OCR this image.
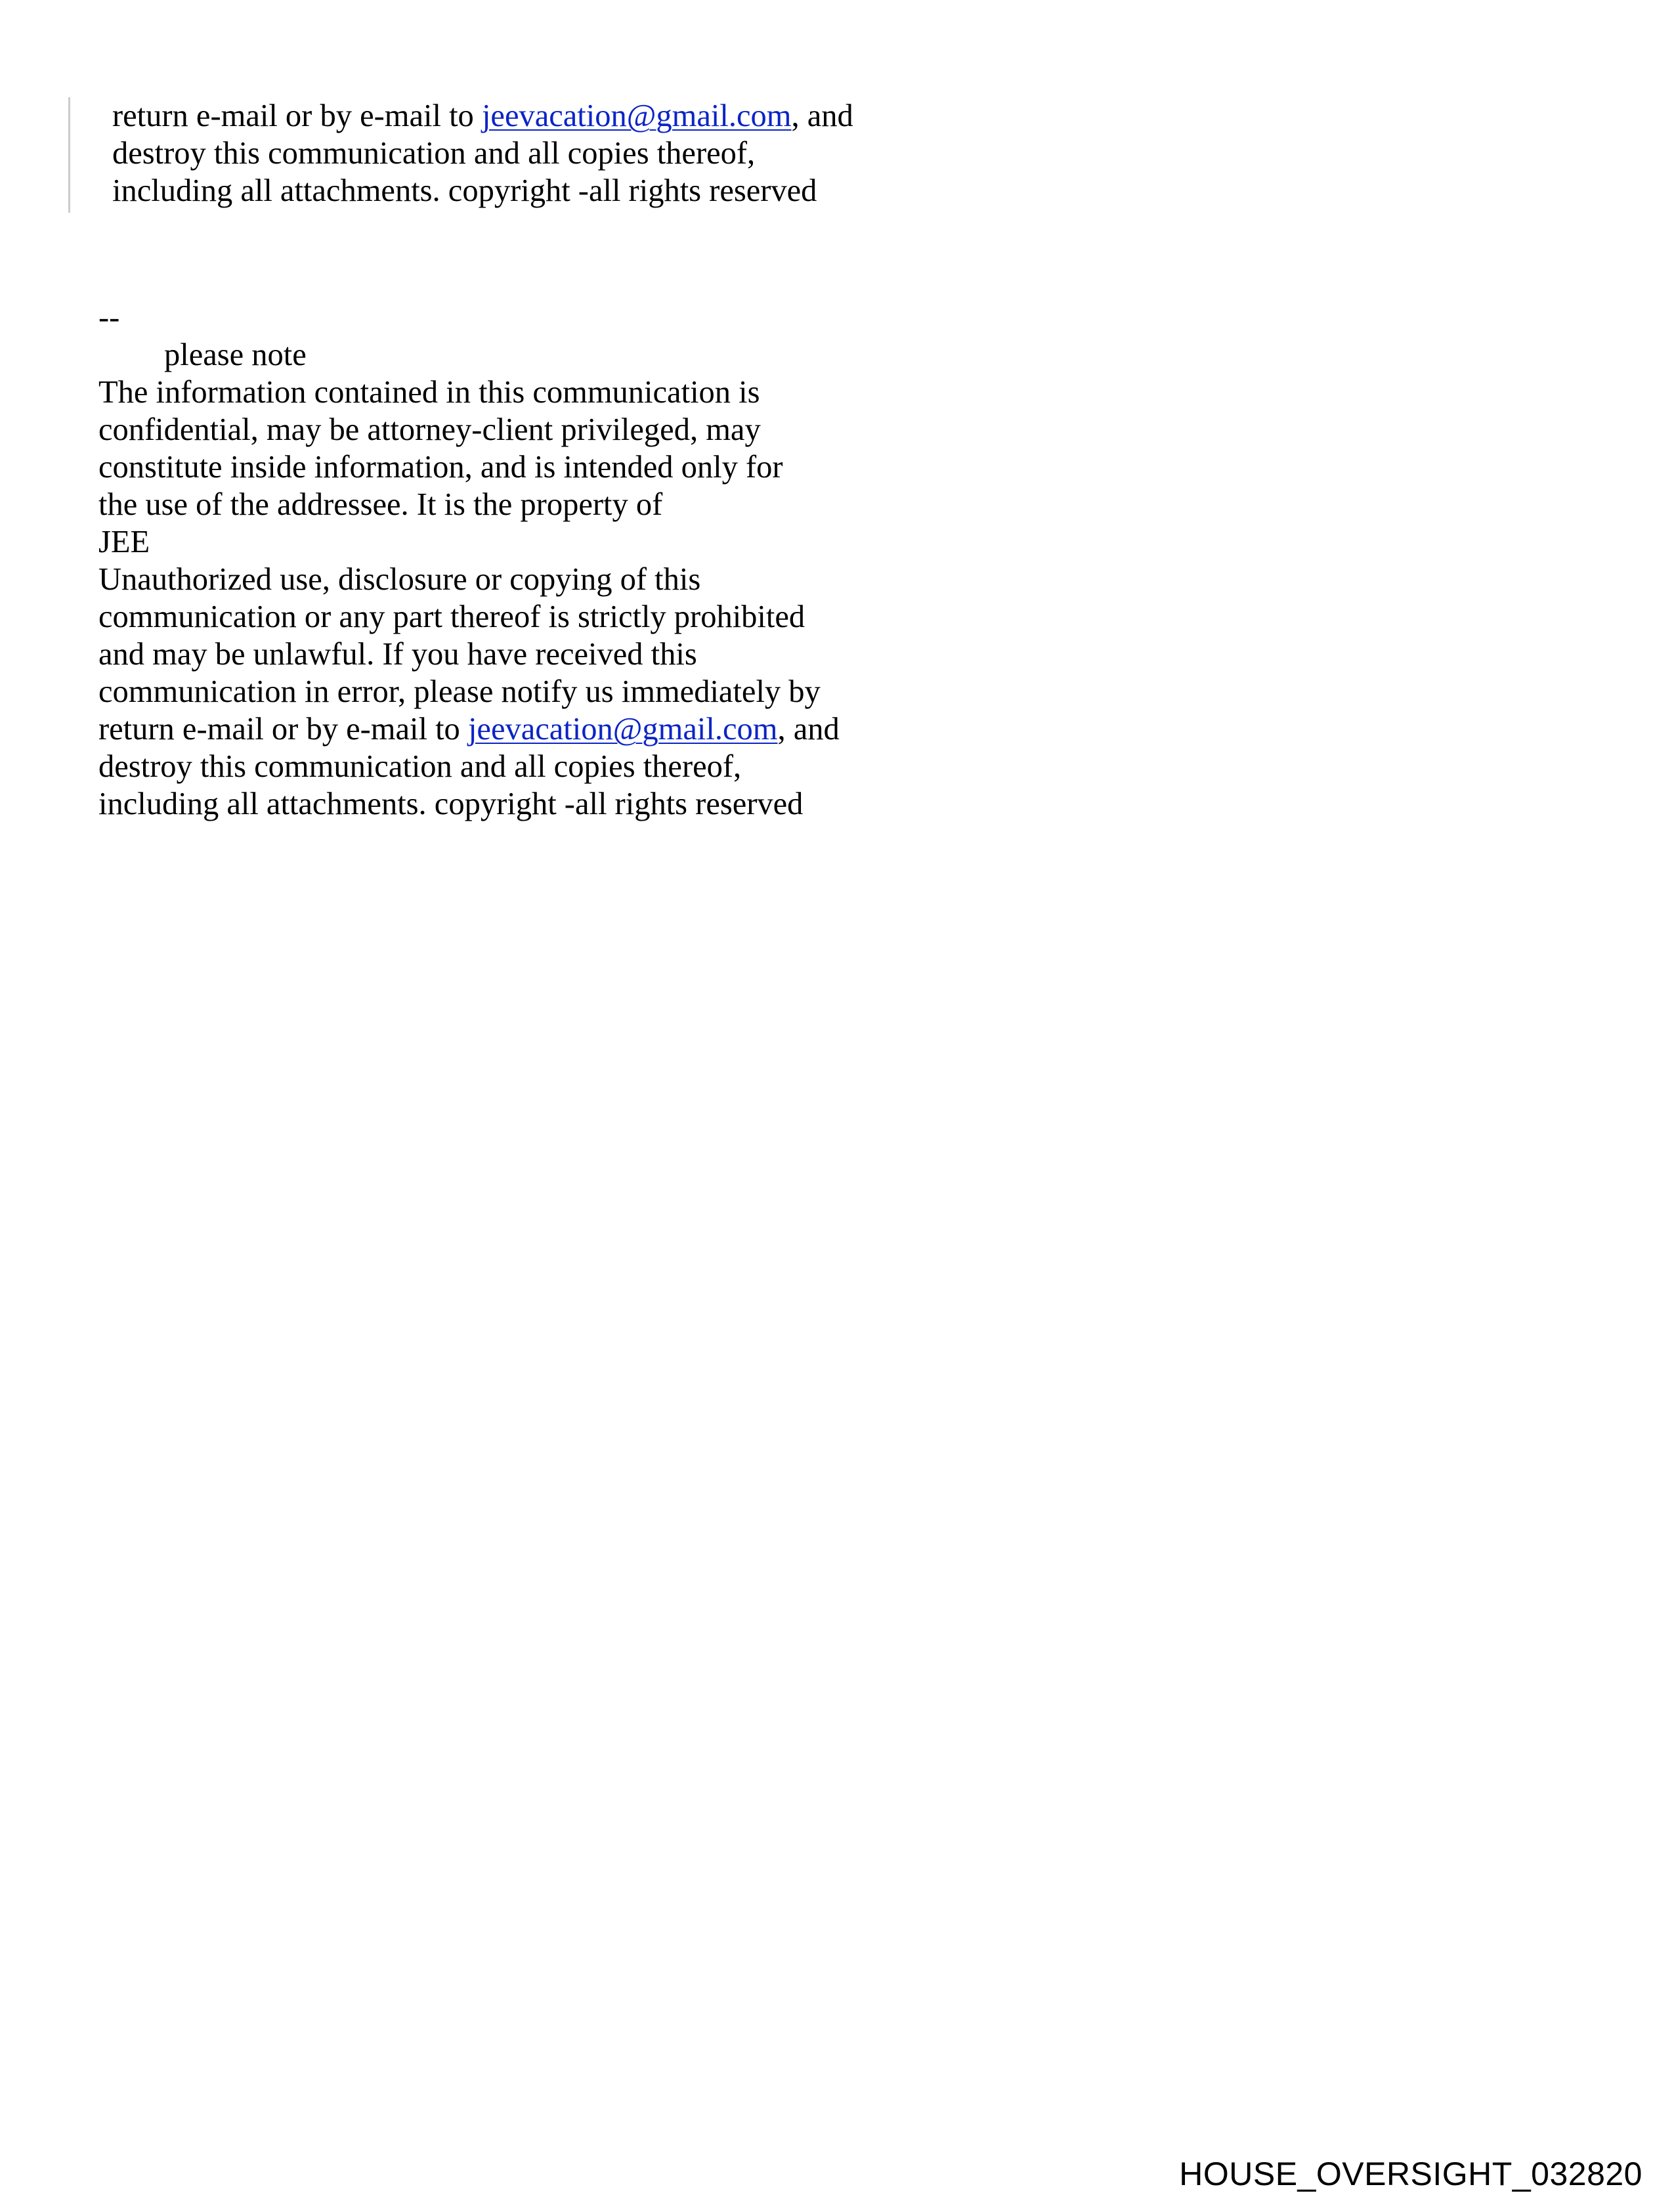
return e-mail or by e-mail to jeevacation@gmail.com, and
destroy this communication and all copies thereof,
including all attachments. copyright -all rights reserved
--
please note
The information contained in this communication is
confidential, may be attorney-client privileged, may
constitute inside information, and is intended only for
the use of the addressee. It is the property of
JEE
Unauthorized use, disclosure or copying of this
communication or any part thereof is strictly prohibited
and may be unlawful. If you have received this
communication in error, please notify us immediately by
return e-mail or by e-mail to jeevacation@gmail.com, and
destroy this communication and all copies thereof,
including all attachments. copyright -all rights reserved
HOUSE_OVERSIGHT_032820
